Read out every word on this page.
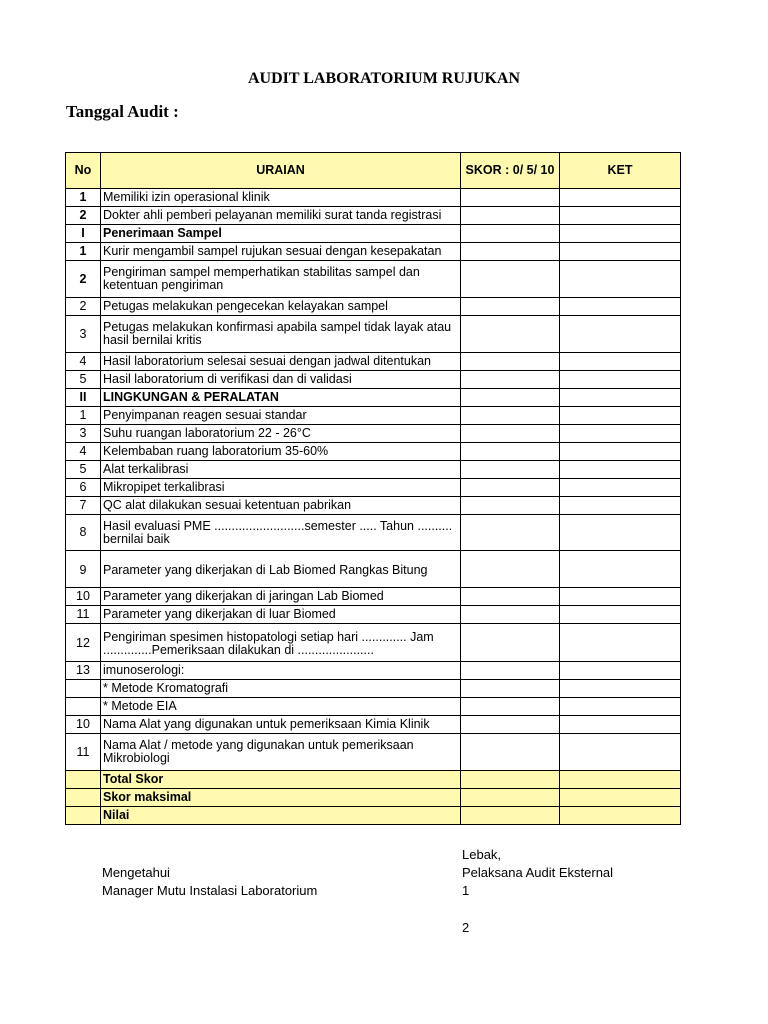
AUDIT LABORATORIUM RUJUKAN
Tanggal Audit :
No	URAIAN	SKOR : 0/ 5/ 10	KET
1	Memiliki izin operasional klinik		
2	Dokter ahli pemberi pelayanan memiliki surat tanda registrasi		
I	Penerimaan Sampel		
1	Kurir mengambil sampel rujukan sesuai dengan kesepakatan		
2	Pengiriman sampel memperhatikan stabilitas sampel dan ketentuan pengiriman		
2	Petugas melakukan pengecekan kelayakan sampel		
3	Petugas melakukan konfirmasi apabila sampel tidak layak atau hasil bernilai kritis		
4	Hasil laboratorium selesai sesuai dengan jadwal ditentukan		
5	Hasil laboratorium di verifikasi dan di validasi		
II	LINGKUNGAN & PERALATAN		
1	Penyimpanan reagen sesuai standar		
3	Suhu ruangan laboratorium 22 - 26°C		
4	Kelembaban ruang laboratorium 35-60%		
5	Alat terkalibrasi		
6	Mikropipet terkalibrasi		
7	QC alat dilakukan sesuai ketentuan pabrikan		
8	Hasil evaluasi PME ..........................semester ..... Tahun .......... bernilai baik		
9	Parameter yang dikerjakan di Lab Biomed Rangkas Bitung		
10	Parameter yang dikerjakan di jaringan Lab Biomed		
11	Parameter yang dikerjakan di luar Biomed		
12	Pengiriman spesimen histopatologi setiap hari ............. Jam ..............Pemeriksaan dilakukan di ......................		
13	imunoserologi:		
	* Metode Kromatografi		
	* Metode EIA		
10	Nama Alat yang digunakan untuk pemeriksaan Kimia Klinik		
11	Nama Alat / metode yang digunakan untuk pemeriksaan Mikrobiologi		
	Total Skor		
	Skor maksimal		
	Nilai		
Lebak,
Mengetahui	Pelaksana Audit Eksternal
Manager Mutu Instalasi Laboratorium	1
2
